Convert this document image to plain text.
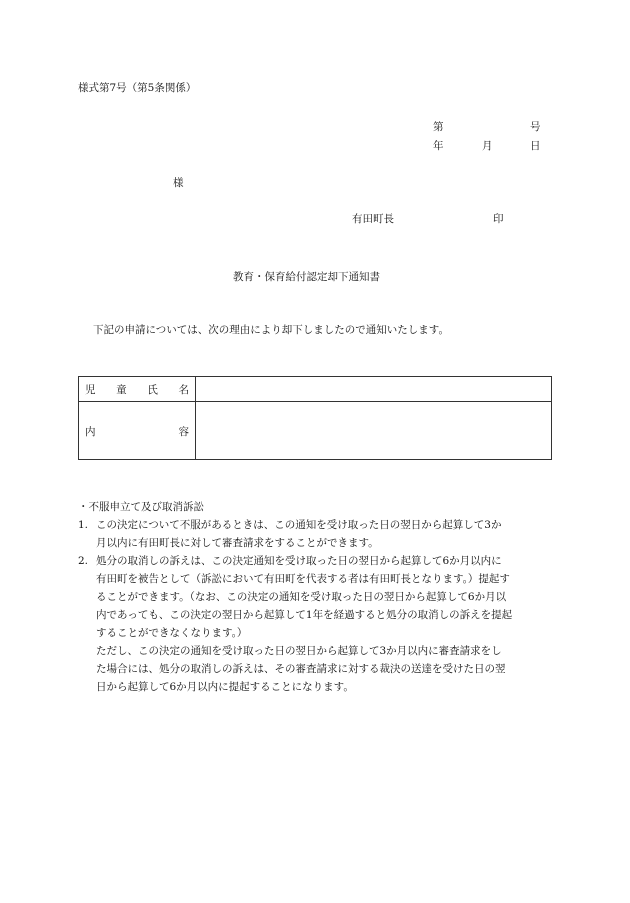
様式第7号（第5条関係）
第	号
年	月	日
様
有田町長	印
教育・保育給付認定却下通知書
下記の申請については、次の理由により却下しましたので通知いたします。
児 童 氏 名
内	容
・不服申立て及び取消訴訟
1. この決定について不服があるときは、この通知を受け取った日の翌日から起算して3か
月以内に有田町長に対して審査請求をすることができます。
2. 処分の取消しの訴えは、この決定通知を受け取った日の翌日から起算して6か月以内に
有田町を被告として（訴訟において有田町を代表する者は有田町長となります。）提起す
ることができます。（なお、この決定の通知を受け取った日の翌日から起算して6か月以
内であっても、この決定の翌日から起算して1年を経過すると処分の取消しの訴えを提起
することができなくなります。）
ただし、この決定の通知を受け取った日の翌日から起算して3か月以内に審査請求をし
た場合には、処分の取消しの訴えは、その審査請求に対する裁決の送達を受けた日の翌
日から起算して6か月以内に提起することになります。
